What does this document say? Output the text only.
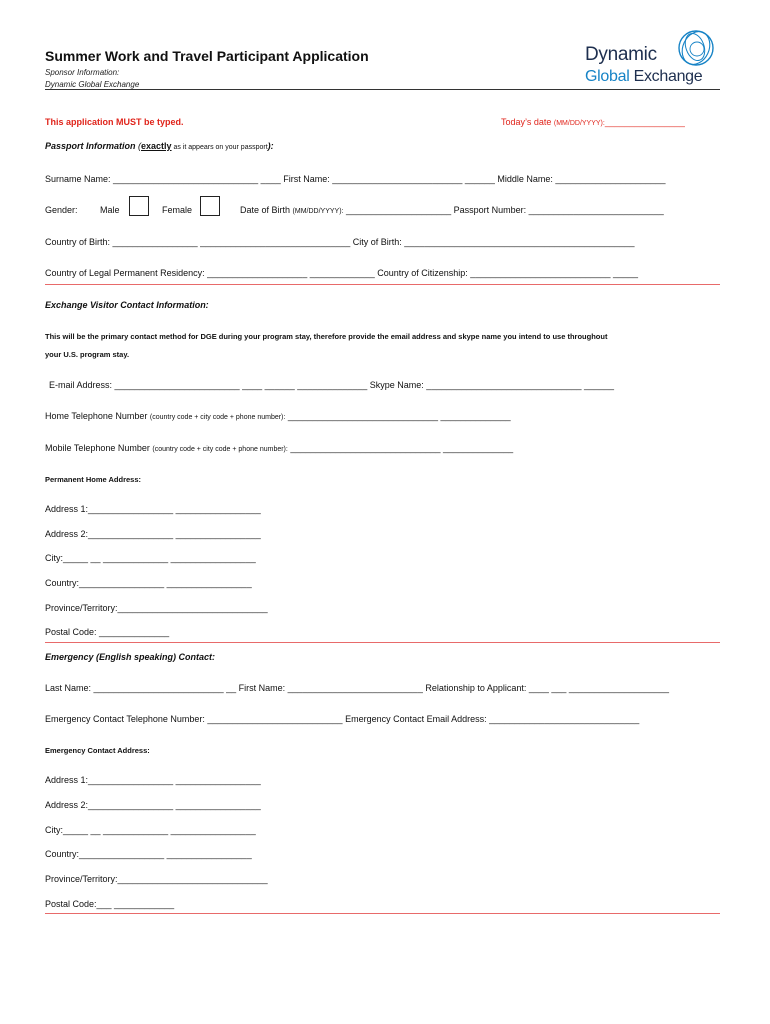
Summer Work and Travel Participant Application
Sponsor Information:
Dynamic Global Exchange
Dynamic
Global Exchange
This application MUST be typed.	Today’s date (MM/DD/YYYY):________________
Passport Information (exactly as it appears on your passport):
Surname Name: _____________________________ ____ First Name: __________________________ ______ Middle Name: ______________________
Gender: Male	Female	Date of Birth (MM/DD/YYYY): _____________________ Passport Number: ___________________________
Country of Birth: _________________ ______________________________ City of Birth: ______________________________________________
Country of Legal Permanent Residency: ____________________ _____________ Country of Citizenship: ____________________________ _____
Exchange Visitor Contact Information:
This will be the primary contact method for DGE during your program stay, therefore provide the email address and skype name you intend to use throughout
your U.S. program stay.
E-mail Address: _________________________ ____ ______ ______________ Skype Name: _______________________________ ______
Home Telephone Number (country code + city code + phone number): ______________________________ ______________
Mobile Telephone Number (country code + city code + phone number): ______________________________ ______________
Permanent Home Address:
Address 1:_________________ _________________
Address 2:_________________ _________________
City:_____ __ _____________ _________________
Country:_________________ _________________
Province/Territory:______________________________
Postal Code: ______________
Emergency (English speaking) Contact:
Last Name: __________________________ __ First Name: ___________________________ Relationship to Applicant: ____ ___ ____________________
Emergency Contact Telephone Number: ___________________________ Emergency Contact Email Address: ______________________________
Emergency Contact Address:
Address 1:_________________ _________________
Address 2:_________________ _________________
City:_____ __ _____________ _________________
Country:_________________ _________________
Province/Territory:______________________________
Postal Code:___ ____________
